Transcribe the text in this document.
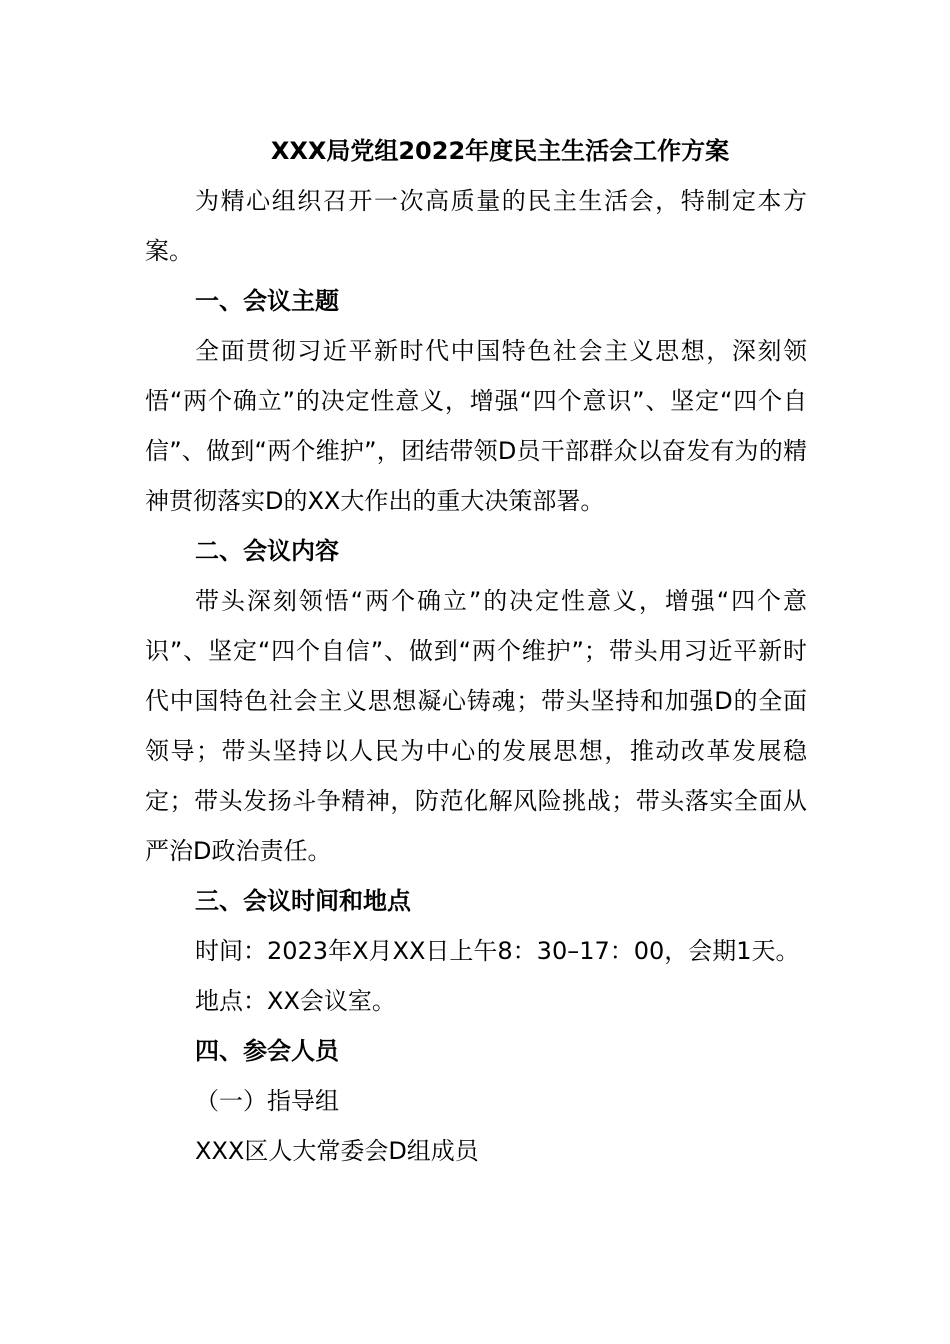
XXX局党组2022年度民主生活会工作方案

为精心组织召开一次高质量的民主生活会，特制定本方案。

一、会议主题

全面贯彻习近平新时代中国特色社会主义思想，深刻领悟“两个确立”的决定性意义，增强“四个意识”、坚定“四个自信”、做到“两个维护”，团结带领D员干部群众以奋发有为的精神贯彻落实D的XX大作出的重大决策部署。

二、会议内容

带头深刻领悟“两个确立”的决定性意义，增强“四个意识”、坚定“四个自信”、做到“两个维护”；带头用习近平新时代中国特色社会主义思想凝心铸魂；带头坚持和加强D的全面领导；带头坚持以人民为中心的发展思想，推动改革发展稳定；带头发扬斗争精神，防范化解风险挑战；带头落实全面从严治D政治责任。

三、会议时间和地点

时间：2023年X月XX日上午8：30–17：00，会期1天。

地点：XX会议室。

四、参会人员

（一）指导组

XXX区人大常委会D组成员
